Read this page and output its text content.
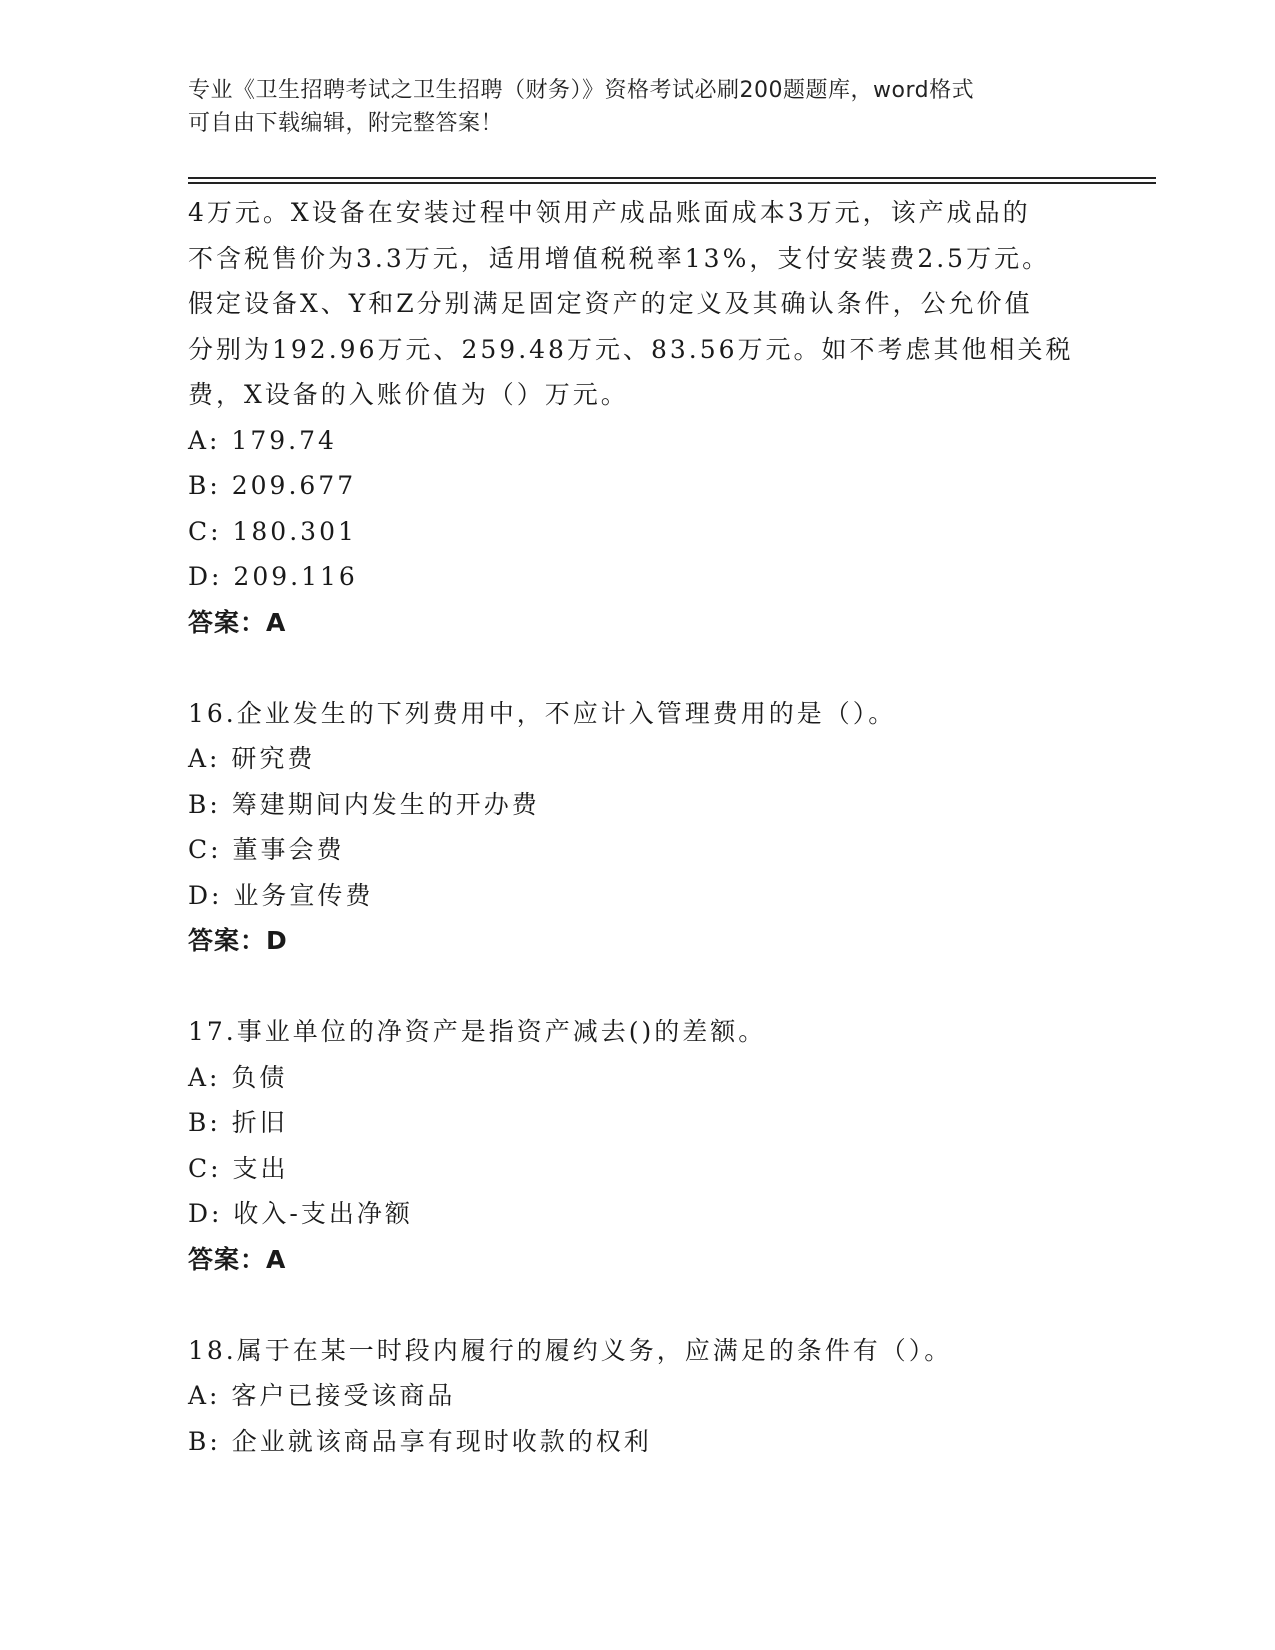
专业《卫生招聘考试之卫生招聘（财务）》资格考试必刷200题题库，word格式
可自由下载编辑，附完整答案！
4万元。X设备在安装过程中领用产成品账面成本3万元，该产成品的
不含税售价为3.3万元，适用增值税税率13%，支付安装费2.5万元。
假定设备X、Y和Z分别满足固定资产的定义及其确认条件，公允价值
分别为192.96万元、259.48万元、83.56万元。如不考虑其他相关税
费，X设备的入账价值为（）万元。
A: 179.74
B: 209.677
C: 180.301
D: 209.116
答案：A
16.企业发生的下列费用中，不应计入管理费用的是（）。
A: 研究费
B: 筹建期间内发生的开办费
C: 董事会费
D: 业务宣传费
答案：D
17.事业单位的净资产是指资产减去()的差额。
A: 负债
B: 折旧
C: 支出
D: 收入-支出净额
答案：A
18.属于在某一时段内履行的履约义务，应满足的条件有（）。
A: 客户已接受该商品
B: 企业就该商品享有现时收款的权利
